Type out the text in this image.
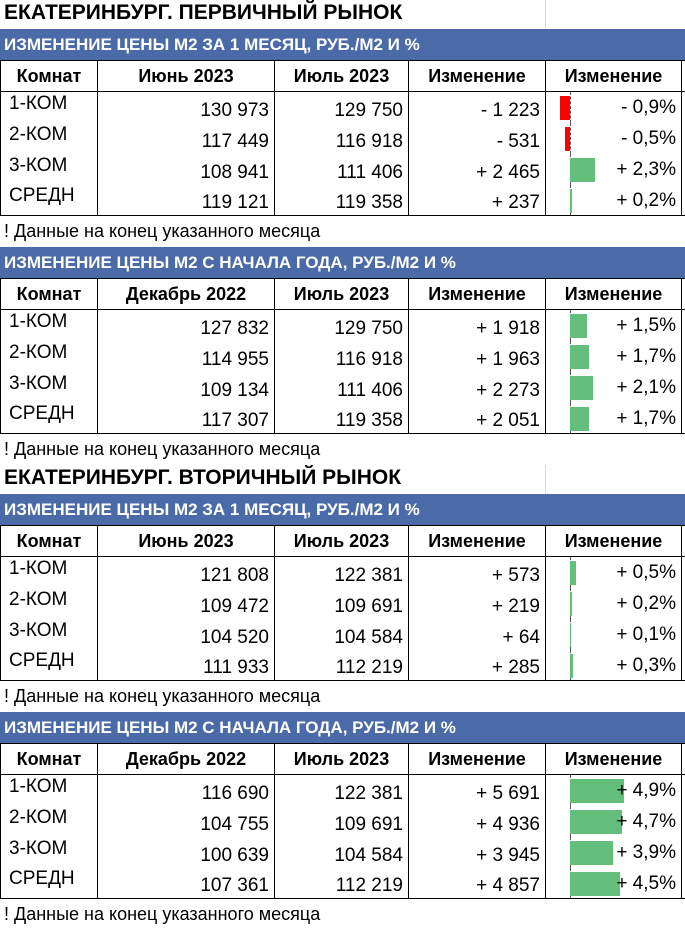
ЕКАТЕРИНБУРГ. ПЕРВИЧНЫЙ РЫНОК
ИЗМЕНЕНИЕ ЦЕНЫ М2 ЗА 1 МЕСЯЦ, РУБ./М2 И %
Комнат	Июнь 2023	Июль 2023	Изменение	Изменение
1-КОМ	130 973	129 750	- 1 223	- 0,9%
2-КОМ	117 449	116 918	- 531	- 0,5%
3-КОМ	108 941	111 406	+ 2 465	+ 2,3%
СРЕДН	119 121	119 358	+ 237	+ 0,2%
! Данные на конец указанного месяца
ИЗМЕНЕНИЕ ЦЕНЫ М2 С НАЧАЛА ГОДА, РУБ./М2 И %
Комнат	Декабрь 2022	Июль 2023	Изменение	Изменение
1-КОМ	127 832	129 750	+ 1 918	+ 1,5%
2-КОМ	114 955	116 918	+ 1 963	+ 1,7%
3-КОМ	109 134	111 406	+ 2 273	+ 2,1%
СРЕДН	117 307	119 358	+ 2 051	+ 1,7%
! Данные на конец указанного месяца
ЕКАТЕРИНБУРГ. ВТОРИЧНЫЙ РЫНОК
ИЗМЕНЕНИЕ ЦЕНЫ М2 ЗА 1 МЕСЯЦ, РУБ./М2 И %
Комнат	Июнь 2023	Июль 2023	Изменение	Изменение
1-КОМ	121 808	122 381	+ 573	+ 0,5%
2-КОМ	109 472	109 691	+ 219	+ 0,2%
3-КОМ	104 520	104 584	+ 64	+ 0,1%
СРЕДН	111 933	112 219	+ 285	+ 0,3%
! Данные на конец указанного месяца
ИЗМЕНЕНИЕ ЦЕНЫ М2 С НАЧАЛА ГОДА, РУБ./М2 И %
Комнат	Декабрь 2022	Июль 2023	Изменение	Изменение
1-КОМ	116 690	122 381	+ 5 691	+ 4,9%
2-КОМ	104 755	109 691	+ 4 936	+ 4,7%
3-КОМ	100 639	104 584	+ 3 945	+ 3,9%
СРЕДН	107 361	112 219	+ 4 857	+ 4,5%
! Данные на конец указанного месяца
